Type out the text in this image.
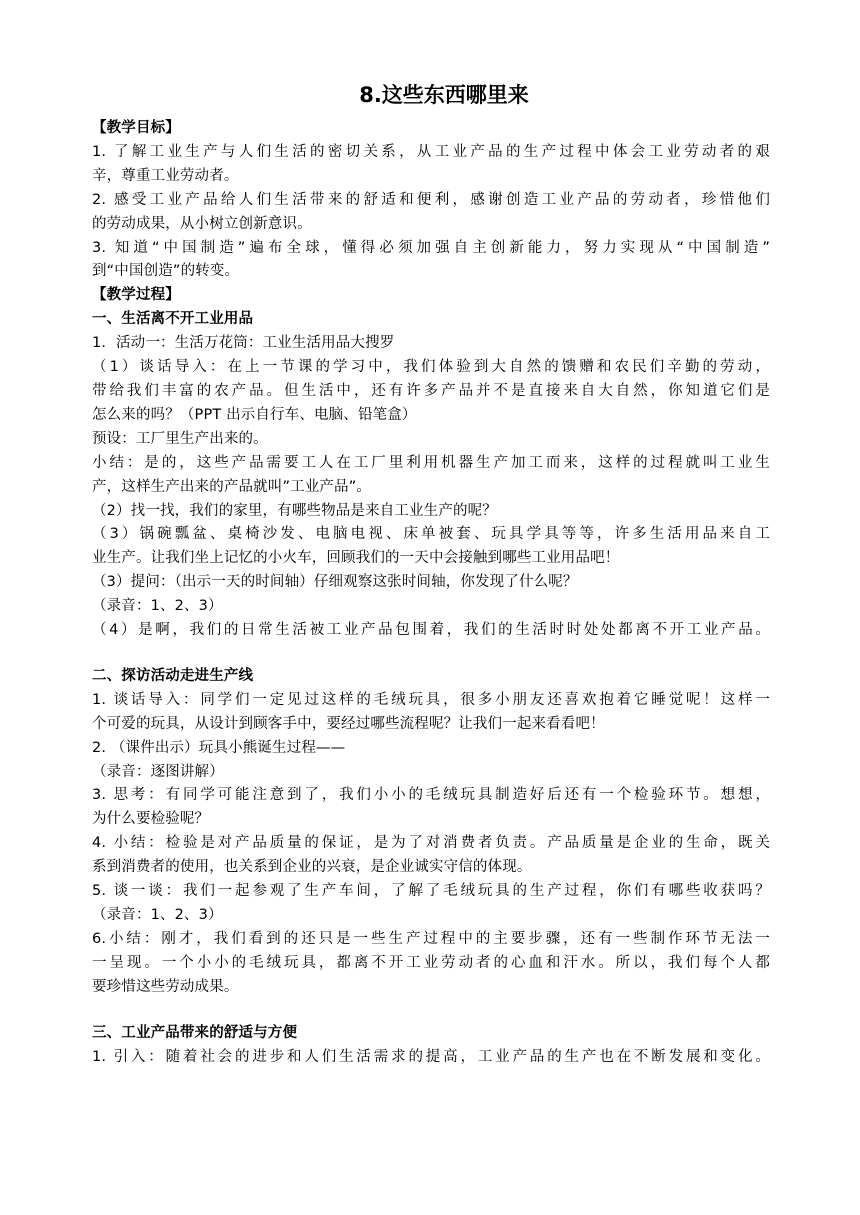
8.这些东西哪里来
【教学目标】
1. 了解工业生产与人们生活的密切关系，从工业产品的生产过程中体会工业劳动者的艰
辛，尊重工业劳动者。
2. 感受工业产品给人们生活带来的舒适和便利，感谢创造工业产品的劳动者，珍惜他们
的劳动成果，从小树立创新意识。
3. 知道“中国制造”遍布全球，懂得必须加强自主创新能力，努力实现从“中国制造”
到“中国创造”的转变。
【教学过程】
一、生活离不开工业用品
1．活动一：生活万花筒：工业生活用品大搜罗
（1）谈话导入：在上一节课的学习中，我们体验到大自然的馈赠和农民们辛勤的劳动，
带给我们丰富的农产品。但生活中，还有许多产品并不是直接来自大自然，你知道它们是
怎么来的吗？（PPT 出示自行车、电脑、铅笔盒）
预设：工厂里生产出来的。
小结：是的，这些产品需要工人在工厂里利用机器生产加工而来，这样的过程就叫工业生
产，这样生产出来的产品就叫”工业产品”。
（2）找一找，我们的家里，有哪些物品是来自工业生产的呢？
（3）锅碗瓢盆、桌椅沙发、电脑电视、床单被套、玩具学具等等，许多生活用品来自工
业生产。让我们坐上记忆的小火车，回顾我们的一天中会接触到哪些工业用品吧！
（3）提问：（出示一天的时间轴）仔细观察这张时间轴，你发现了什么呢？
（录音：1、2、3）
（4）是啊，我们的日常生活被工业产品包围着，我们的生活时时处处都离不开工业产品。
二、探访活动走进生产线
1. 谈话导入：同学们一定见过这样的毛绒玩具，很多小朋友还喜欢抱着它睡觉呢！这样一
个可爱的玩具，从设计到顾客手中，要经过哪些流程呢？让我们一起来看看吧！
2. （课件出示）玩具小熊诞生过程——
（录音：逐图讲解）
3. 思考：有同学可能注意到了，我们小小的毛绒玩具制造好后还有一个检验环节。想想，
为什么要检验呢？
4. 小结：检验是对产品质量的保证，是为了对消费者负责。产品质量是企业的生命，既关
系到消费者的使用，也关系到企业的兴衰，是企业诚实守信的体现。
5. 谈一谈：我们一起参观了生产车间，了解了毛绒玩具的生产过程，你们有哪些收获吗？
（录音：1、2、3）
6.小结：刚才，我们看到的还只是一些生产过程中的主要步骤，还有一些制作环节无法一
一呈现。一个小小的毛绒玩具，都离不开工业劳动者的心血和汗水。所以，我们每个人都
要珍惜这些劳动成果。
三、工业产品带来的舒适与方便
1. 引入：随着社会的进步和人们生活需求的提高，工业产品的生产也在不断发展和变化。
